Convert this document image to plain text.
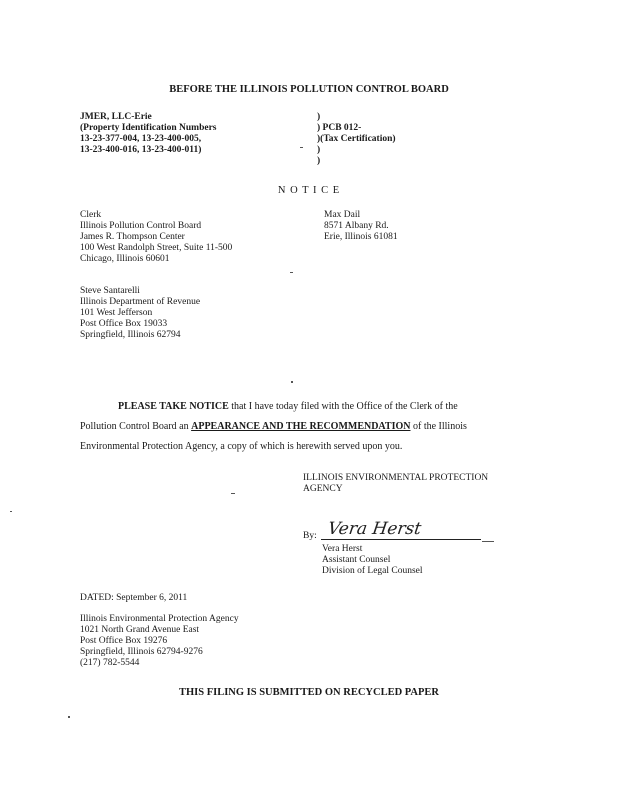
BEFORE THE ILLINOIS POLLUTION CONTROL BOARD
JMER, LLC-Erie
(Property Identification Numbers
13-23-377-004, 13-23-400-005,
13-23-400-016, 13-23-400-011)
)
) PCB 012-
)(Tax Certification)
)
)
N O T I C E
Clerk
Illinois Pollution Control Board
James R. Thompson Center
100 West Randolph Street, Suite 11-500
Chicago, Illinois 60601
Max Dail
8571 Albany Rd.
Erie, Illinois 61081
Steve Santarelli
Illinois Department of Revenue
101 West Jefferson
Post Office Box 19033
Springfield, Illinois 62794
PLEASE TAKE NOTICE that I have today filed with the Office of the Clerk of the
Pollution Control Board an APPEARANCE AND THE RECOMMENDATION of the Illinois
Environmental Protection Agency, a copy of which is herewith served upon you.
ILLINOIS ENVIRONMENTAL PROTECTION
AGENCY
By: Vera Herst
Vera Herst
Assistant Counsel
Division of Legal Counsel
DATED: September 6, 2011
Illinois Environmental Protection Agency
1021 North Grand Avenue East
Post Office Box 19276
Springfield, Illinois 62794-9276
(217) 782-5544
THIS FILING IS SUBMITTED ON RECYCLED PAPER
